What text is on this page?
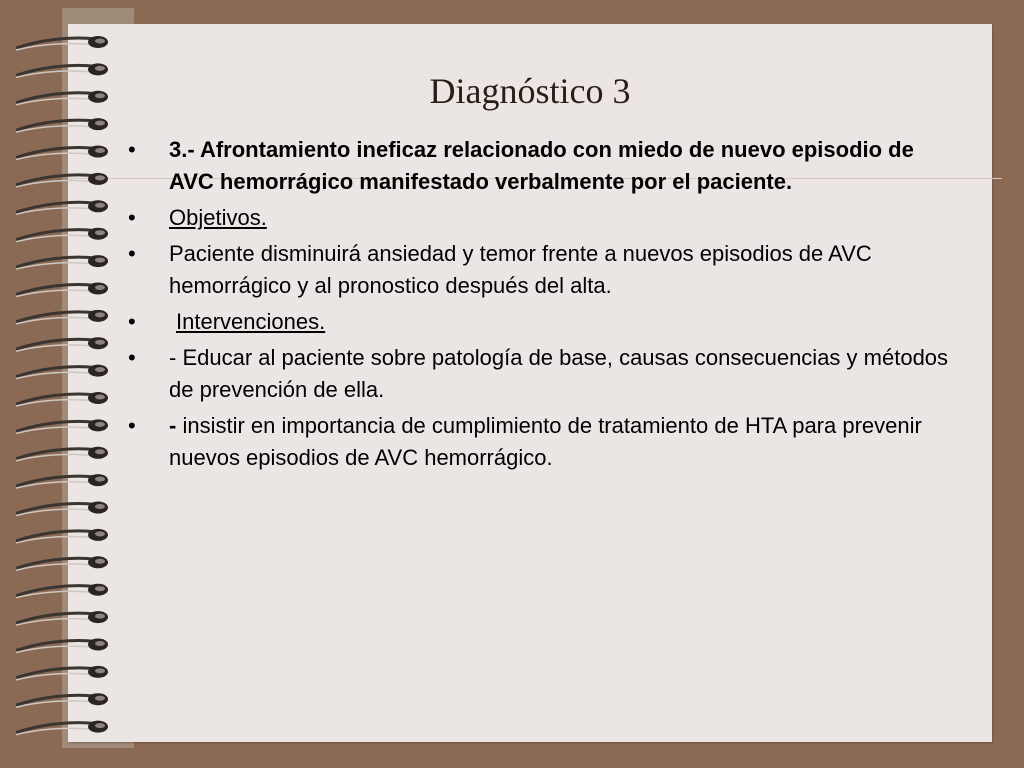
Diagnóstico 3
•	3.- Afrontamiento ineficaz relacionado con miedo de nuevo episodio de AVC hemorrágico manifestado verbalmente por el paciente.
•	Objetivos.
•	Paciente disminuirá ansiedad y temor frente a nuevos episodios de AVC hemorrágico y al pronostico después del alta.
•	Intervenciones.
•	- Educar al paciente sobre patología de base, causas consecuencias y métodos de prevención de ella.
•	- insistir en importancia de cumplimiento de tratamiento de HTA para prevenir nuevos episodios de AVC hemorrágico.
